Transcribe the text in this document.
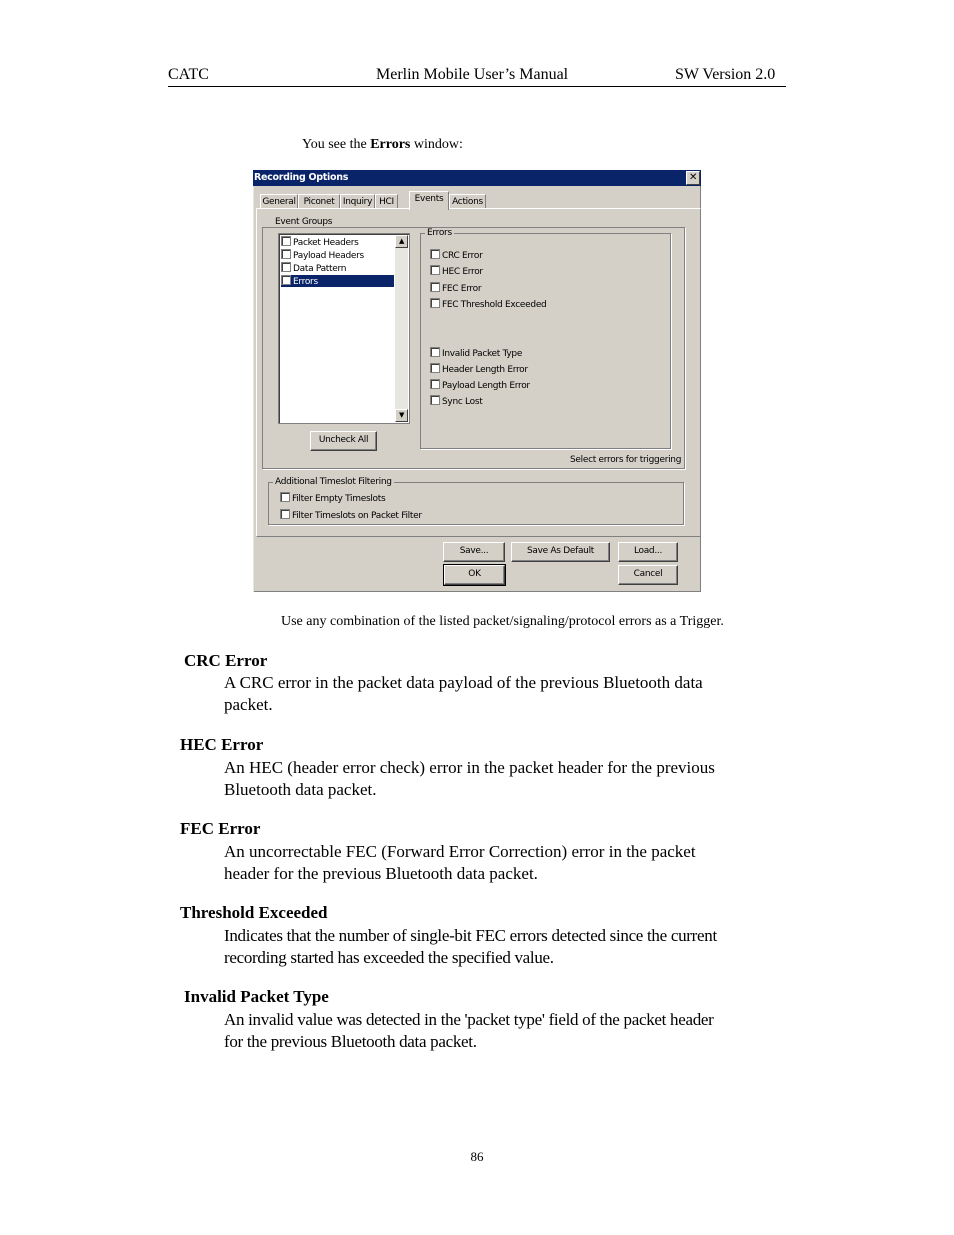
CATC	Merlin Mobile User’s Manual	SW Version 2.0
You see the Errors window:
Recording Options	✕
General Piconet Inquiry HCI	Events Actions
Event Groups
Packet Headers
Payload Headers
Data Pattern
Errors
▲
▼
Uncheck All
Errors
CRC Error
HEC Error
FEC Error
FEC Threshold Exceeded
Invalid Packet Type
Header Length Error
Payload Length Error
Sync Lost
Select errors for triggering
Additional Timeslot Filtering
Filter Empty Timeslots
Filter Timeslots on Packet Filter
Save...	Save As Default	Load...
OK	Cancel
Use any combination of the listed packet/signaling/protocol errors as a Trigger.
CRC Error
A CRC error in the packet data payload of the previous Bluetooth data
packet.
HEC Error
An HEC (header error check) error in the packet header for the previous
Bluetooth data packet.
FEC Error
An uncorrectable FEC (Forward Error Correction) error in the packet
header for the previous Bluetooth data packet.
Threshold Exceeded
Indicates that the number of single-bit FEC errors detected since the current
recording started has exceeded the specified value.
Invalid Packet Type
An invalid value was detected in the 'packet type' field of the packet header
for the previous Bluetooth data packet.
86
